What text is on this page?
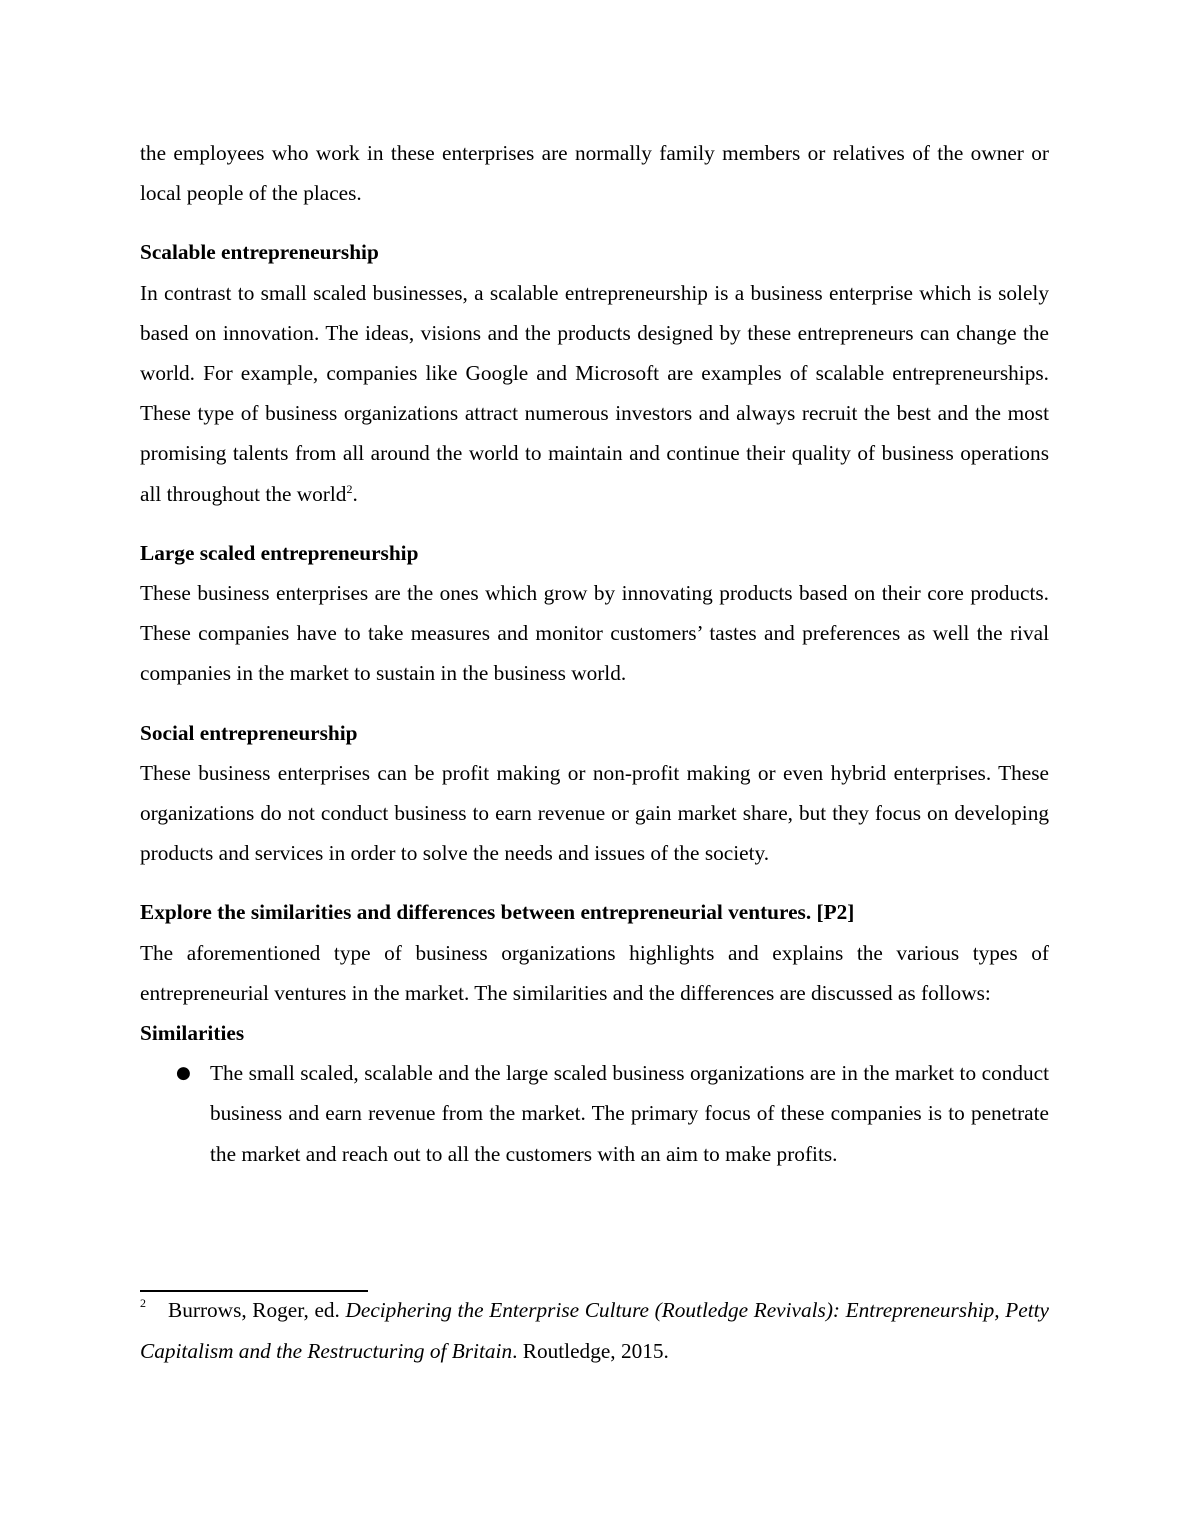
the employees who work in these enterprises are normally family members or relatives of the owner or local people of the places.

Scalable entrepreneurship

In contrast to small scaled businesses, a scalable entrepreneurship is a business enterprise which is solely based on innovation. The ideas, visions and the products designed by these entrepreneurs can change the world. For example, companies like Google and Microsoft are examples of scalable entrepreneurships. These type of business organizations attract numerous investors and always recruit the best and the most promising talents from all around the world to maintain and continue their quality of business operations all throughout the world$^2$.

Large scaled entrepreneurship

These business enterprises are the ones which grow by innovating products based on their core products. These companies have to take measures and monitor customers’ tastes and preferences as well the rival companies in the market to sustain in the business world.

Social entrepreneurship

These business enterprises can be profit making or non-profit making or even hybrid enterprises. These organizations do not conduct business to earn revenue or gain market share, but they focus on developing products and services in order to solve the needs and issues of the society.

Explore the similarities and differences between entrepreneurial ventures. [P2]

The aforementioned type of business organizations highlights and explains the various types of entrepreneurial ventures in the market. The similarities and the differences are discussed as follows:

Similarities

● The small scaled, scalable and the large scaled business organizations are in the market to conduct business and earn revenue from the market. The primary focus of these companies is to penetrate the market and reach out to all the customers with an aim to make profits.

$^2$ Burrows, Roger, ed. Deciphering the Enterprise Culture (Routledge Revivals): Entrepreneurship, Petty Capitalism and the Restructuring of Britain. Routledge, 2015.
